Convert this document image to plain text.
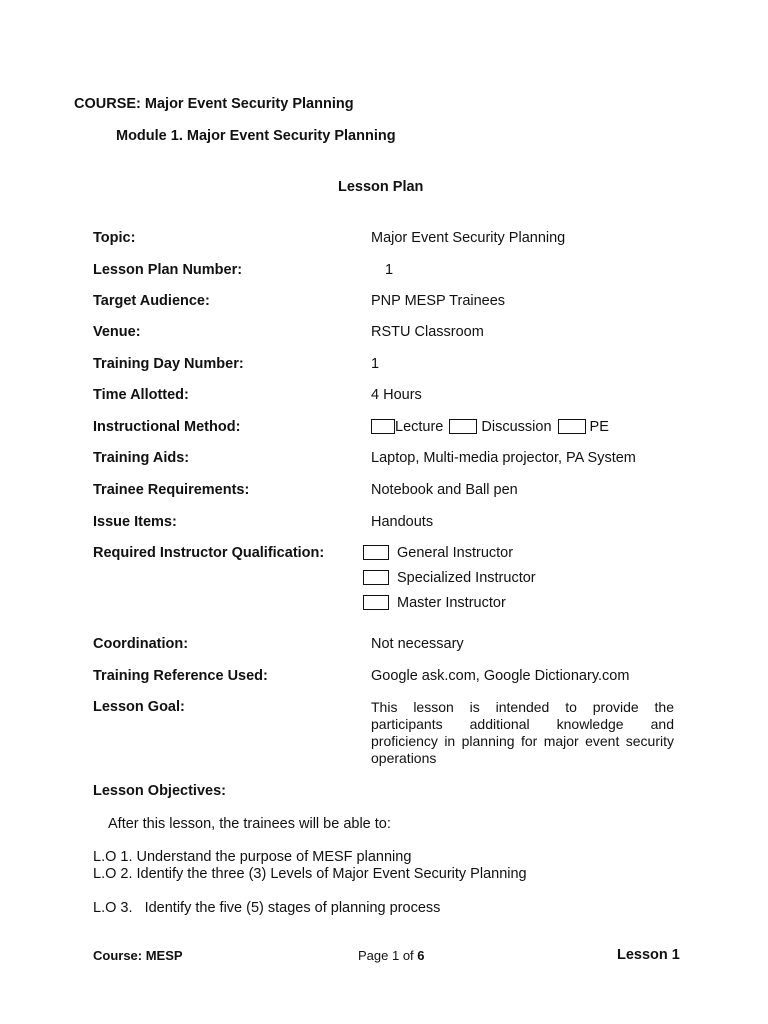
COURSE: Major Event Security Planning
Module 1. Major Event Security Planning
Lesson Plan
Topic:	Major Event Security Planning
Lesson Plan Number:	1
Target Audience:	PNP MESP Trainees
Venue:	RSTU Classroom
Training Day Number:	1
Time Allotted:	4 Hours
Instructional Method:	Lecture	Discussion	PE
Training Aids:	Laptop, Multi-media projector, PA System
Trainee Requirements:	Notebook and Ball pen
Issue Items:	Handouts
Required Instructor Qualification:	General Instructor
Specialized Instructor
Master Instructor
Coordination:	Not necessary
Training Reference Used:	Google ask.com, Google Dictionary.com
Lesson Goal:	This lesson is intended to provide the participants additional knowledge and proficiency in planning for major event security operations
Lesson Objectives:
After this lesson, the trainees will be able to:
L.O 1. Understand the purpose of MESF planning
L.O 2. Identify the three (3) Levels of Major Event Security Planning
L.O 3.   Identify the five (5) stages of planning process
Course: MESP	Page 1 of 6	Lesson 1
